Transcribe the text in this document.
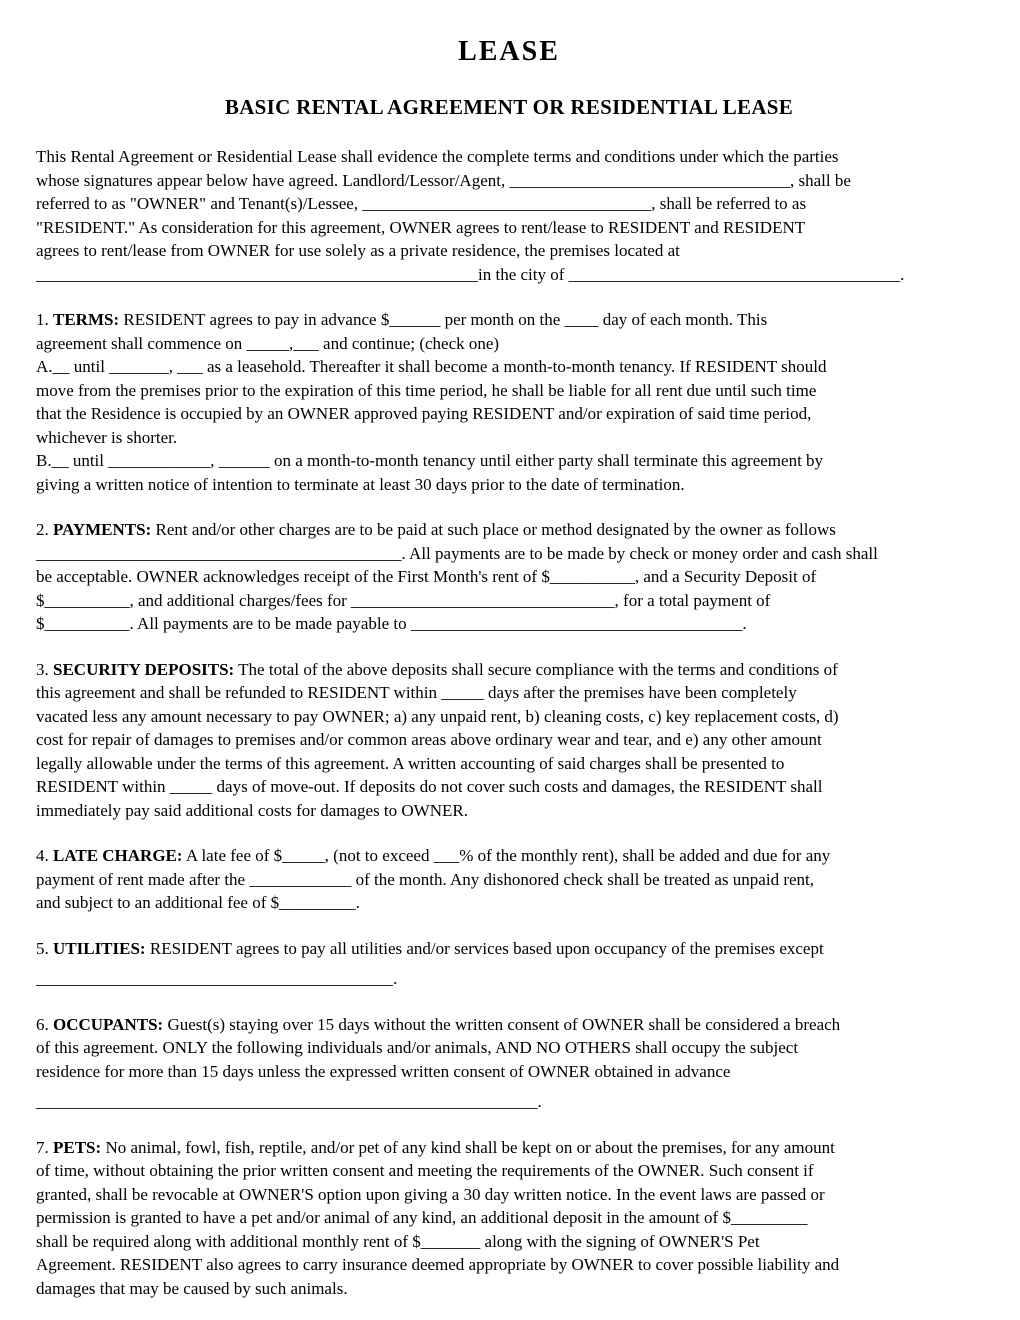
LEASE
BASIC RENTAL AGREEMENT OR RESIDENTIAL LEASE
This Rental Agreement or Residential Lease shall evidence the complete terms and conditions under which the parties
whose signatures appear below have agreed. Landlord/Lessor/Agent, _________________________________, shall be
referred to as "OWNER" and Tenant(s)/Lessee, __________________________________, shall be referred to as
"RESIDENT." As consideration for this agreement, OWNER agrees to rent/lease to RESIDENT and RESIDENT
agrees to rent/lease from OWNER for use solely as a private residence, the premises located at
____________________________________________________in the city of _______________________________________.
1. TERMS: RESIDENT agrees to pay in advance $______ per month on the ____ day of each month. This
agreement shall commence on _____,___ and continue; (check one)
A.__ until _______, ___ as a leasehold. Thereafter it shall become a month-to-month tenancy. If RESIDENT should
move from the premises prior to the expiration of this time period, he shall be liable for all rent due until such time
that the Residence is occupied by an OWNER approved paying RESIDENT and/or expiration of said time period,
whichever is shorter.
B.__ until ____________, ______ on a month-to-month tenancy until either party shall terminate this agreement by
giving a written notice of intention to terminate at least 30 days prior to the date of termination.
2. PAYMENTS: Rent and/or other charges are to be paid at such place or method designated by the owner as follows
___________________________________________. All payments are to be made by check or money order and cash shall
be acceptable. OWNER acknowledges receipt of the First Month's rent of $__________, and a Security Deposit of
$__________, and additional charges/fees for _______________________________, for a total payment of
$__________. All payments are to be made payable to _______________________________________.
3. SECURITY DEPOSITS: The total of the above deposits shall secure compliance with the terms and conditions of
this agreement and shall be refunded to RESIDENT within _____ days after the premises have been completely
vacated less any amount necessary to pay OWNER; a) any unpaid rent, b) cleaning costs, c) key replacement costs, d)
cost for repair of damages to premises and/or common areas above ordinary wear and tear, and e) any other amount
legally allowable under the terms of this agreement. A written accounting of said charges shall be presented to
RESIDENT within _____ days of move-out. If deposits do not cover such costs and damages, the RESIDENT shall
immediately pay said additional costs for damages to OWNER.
4. LATE CHARGE: A late fee of $_____, (not to exceed ___% of the monthly rent), shall be added and due for any
payment of rent made after the ____________ of the month. Any dishonored check shall be treated as unpaid rent,
and subject to an additional fee of $_________.
5. UTILITIES: RESIDENT agrees to pay all utilities and/or services based upon occupancy of the premises except
__________________________________________.
6. OCCUPANTS: Guest(s) staying over 15 days without the written consent of OWNER shall be considered a breach
of this agreement. ONLY the following individuals and/or animals, AND NO OTHERS shall occupy the subject
residence for more than 15 days unless the expressed written consent of OWNER obtained in advance
___________________________________________________________.
7. PETS: No animal, fowl, fish, reptile, and/or pet of any kind shall be kept on or about the premises, for any amount
of time, without obtaining the prior written consent and meeting the requirements of the OWNER. Such consent if
granted, shall be revocable at OWNER'S option upon giving a 30 day written notice. In the event laws are passed or
permission is granted to have a pet and/or animal of any kind, an additional deposit in the amount of $_________
shall be required along with additional monthly rent of $_______ along with the signing of OWNER'S Pet
Agreement. RESIDENT also agrees to carry insurance deemed appropriate by OWNER to cover possible liability and
damages that may be caused by such animals.
